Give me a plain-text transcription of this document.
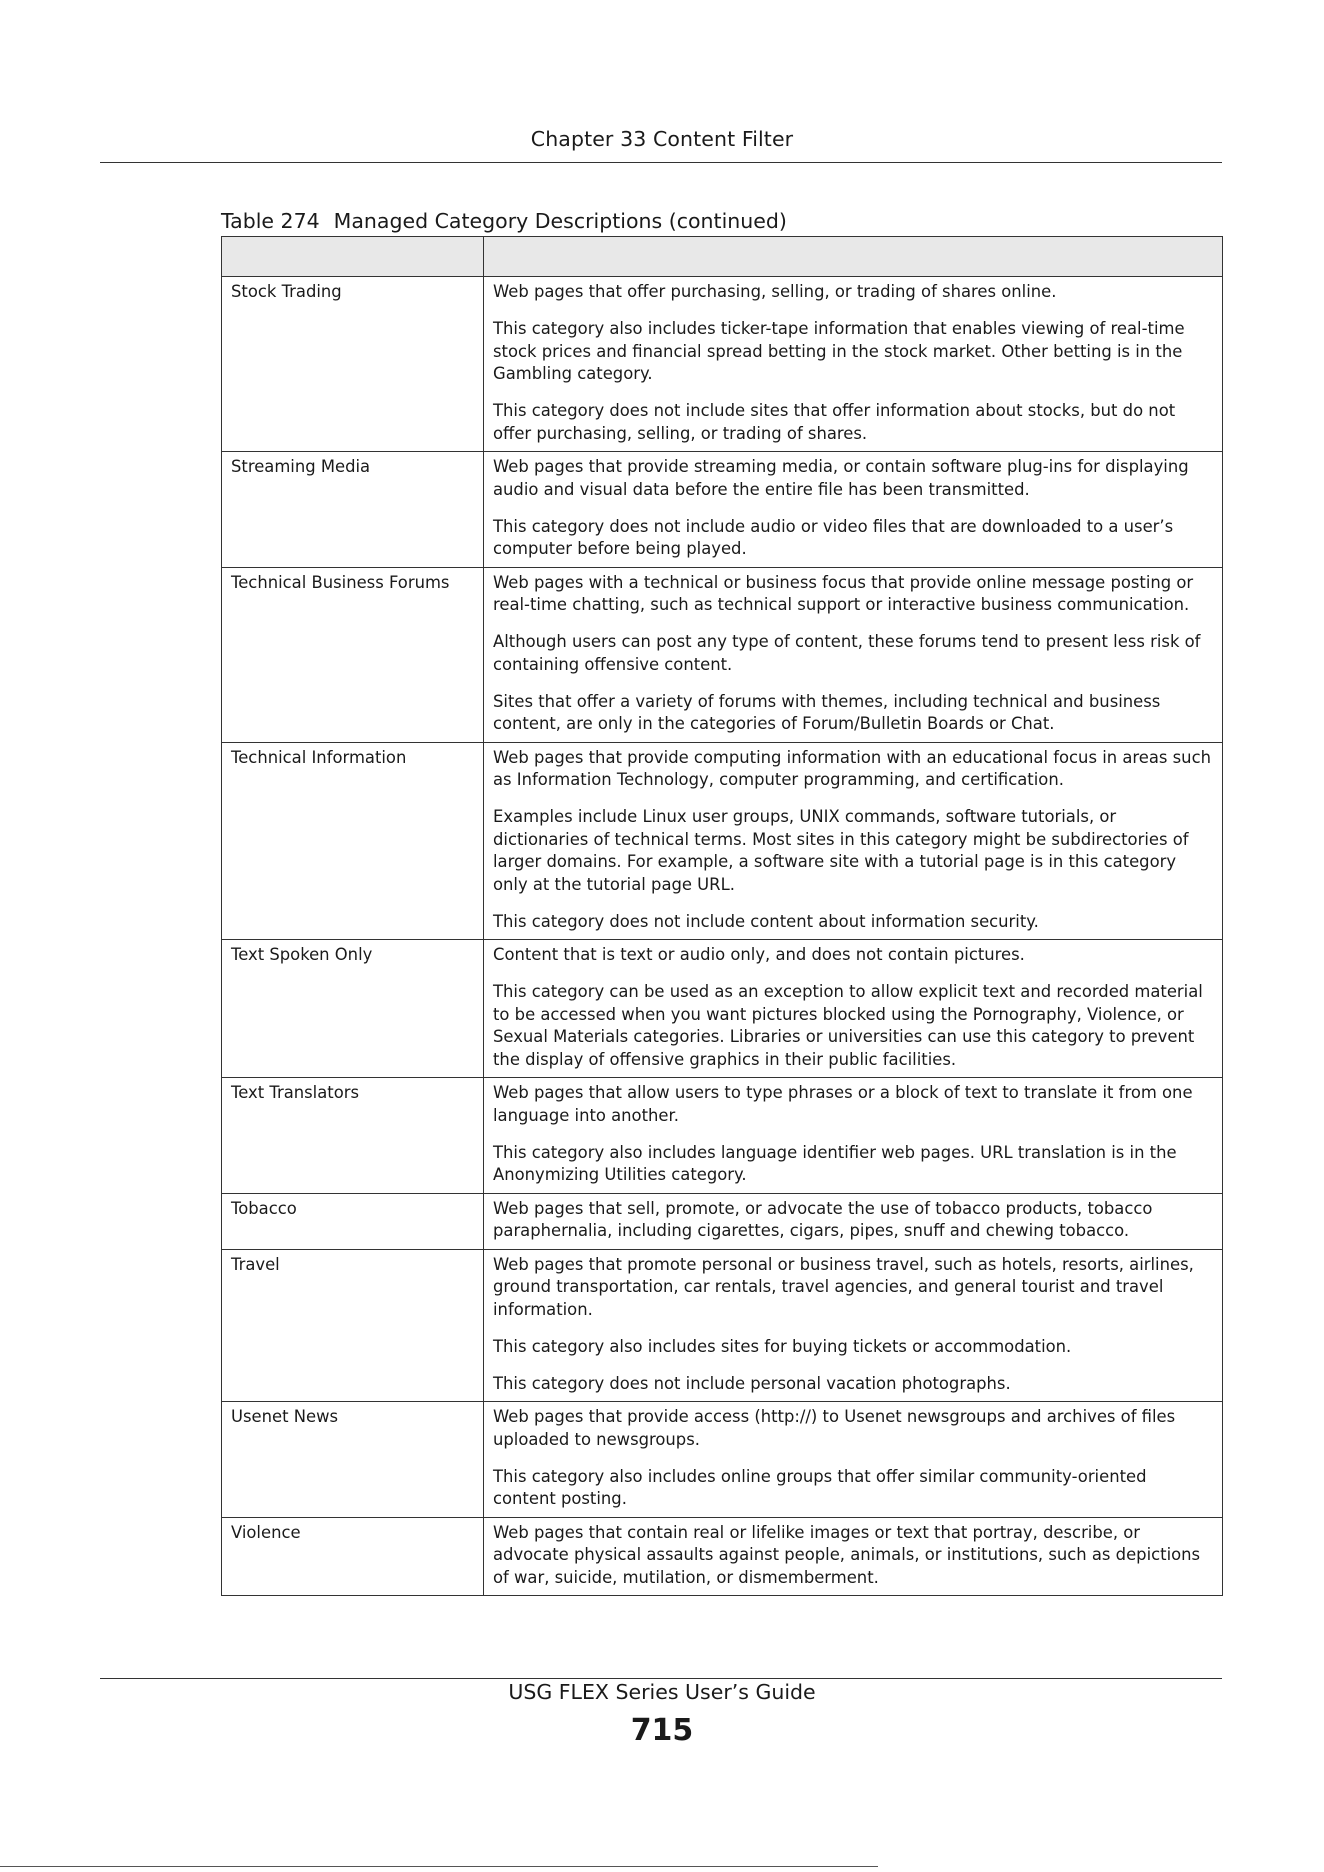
Chapter 33 Content Filter
Table 274 Managed Category Descriptions (continued)

Stock Trading	Web pages that offer purchasing, selling, or trading of shares online.

This category also includes ticker-tape information that enables viewing of real-time stock prices and financial spread betting in the stock market. Other betting is in the Gambling category.

This category does not include sites that offer information about stocks, but do not offer purchasing, selling, or trading of shares.

Streaming Media	Web pages that provide streaming media, or contain software plug-ins for displaying audio and visual data before the entire file has been transmitted.

This category does not include audio or video files that are downloaded to a user’s computer before being played.

Technical Business Forums	Web pages with a technical or business focus that provide online message posting or real-time chatting, such as technical support or interactive business communication.

Although users can post any type of content, these forums tend to present less risk of containing offensive content.

Sites that offer a variety of forums with themes, including technical and business content, are only in the categories of Forum/Bulletin Boards or Chat.

Technical Information	Web pages that provide computing information with an educational focus in areas such as Information Technology, computer programming, and certification.

Examples include Linux user groups, UNIX commands, software tutorials, or dictionaries of technical terms. Most sites in this category might be subdirectories of larger domains. For example, a software site with a tutorial page is in this category only at the tutorial page URL.

This category does not include content about information security.

Text Spoken Only	Content that is text or audio only, and does not contain pictures.

This category can be used as an exception to allow explicit text and recorded material to be accessed when you want pictures blocked using the Pornography, Violence, or Sexual Materials categories. Libraries or universities can use this category to prevent the display of offensive graphics in their public facilities.

Text Translators	Web pages that allow users to type phrases or a block of text to translate it from one language into another.

This category also includes language identifier web pages. URL translation is in the Anonymizing Utilities category.

Tobacco	Web pages that sell, promote, or advocate the use of tobacco products, tobacco paraphernalia, including cigarettes, cigars, pipes, snuff and chewing tobacco.

Travel	Web pages that promote personal or business travel, such as hotels, resorts, airlines, ground transportation, car rentals, travel agencies, and general tourist and travel information.

This category also includes sites for buying tickets or accommodation.

This category does not include personal vacation photographs.

Usenet News	Web pages that provide access (http://) to Usenet newsgroups and archives of files uploaded to newsgroups.

This category also includes online groups that offer similar community-oriented content posting.

Violence	Web pages that contain real or lifelike images or text that portray, describe, or advocate physical assaults against people, animals, or institutions, such as depictions of war, suicide, mutilation, or dismemberment.

USG FLEX Series User’s Guide
715
